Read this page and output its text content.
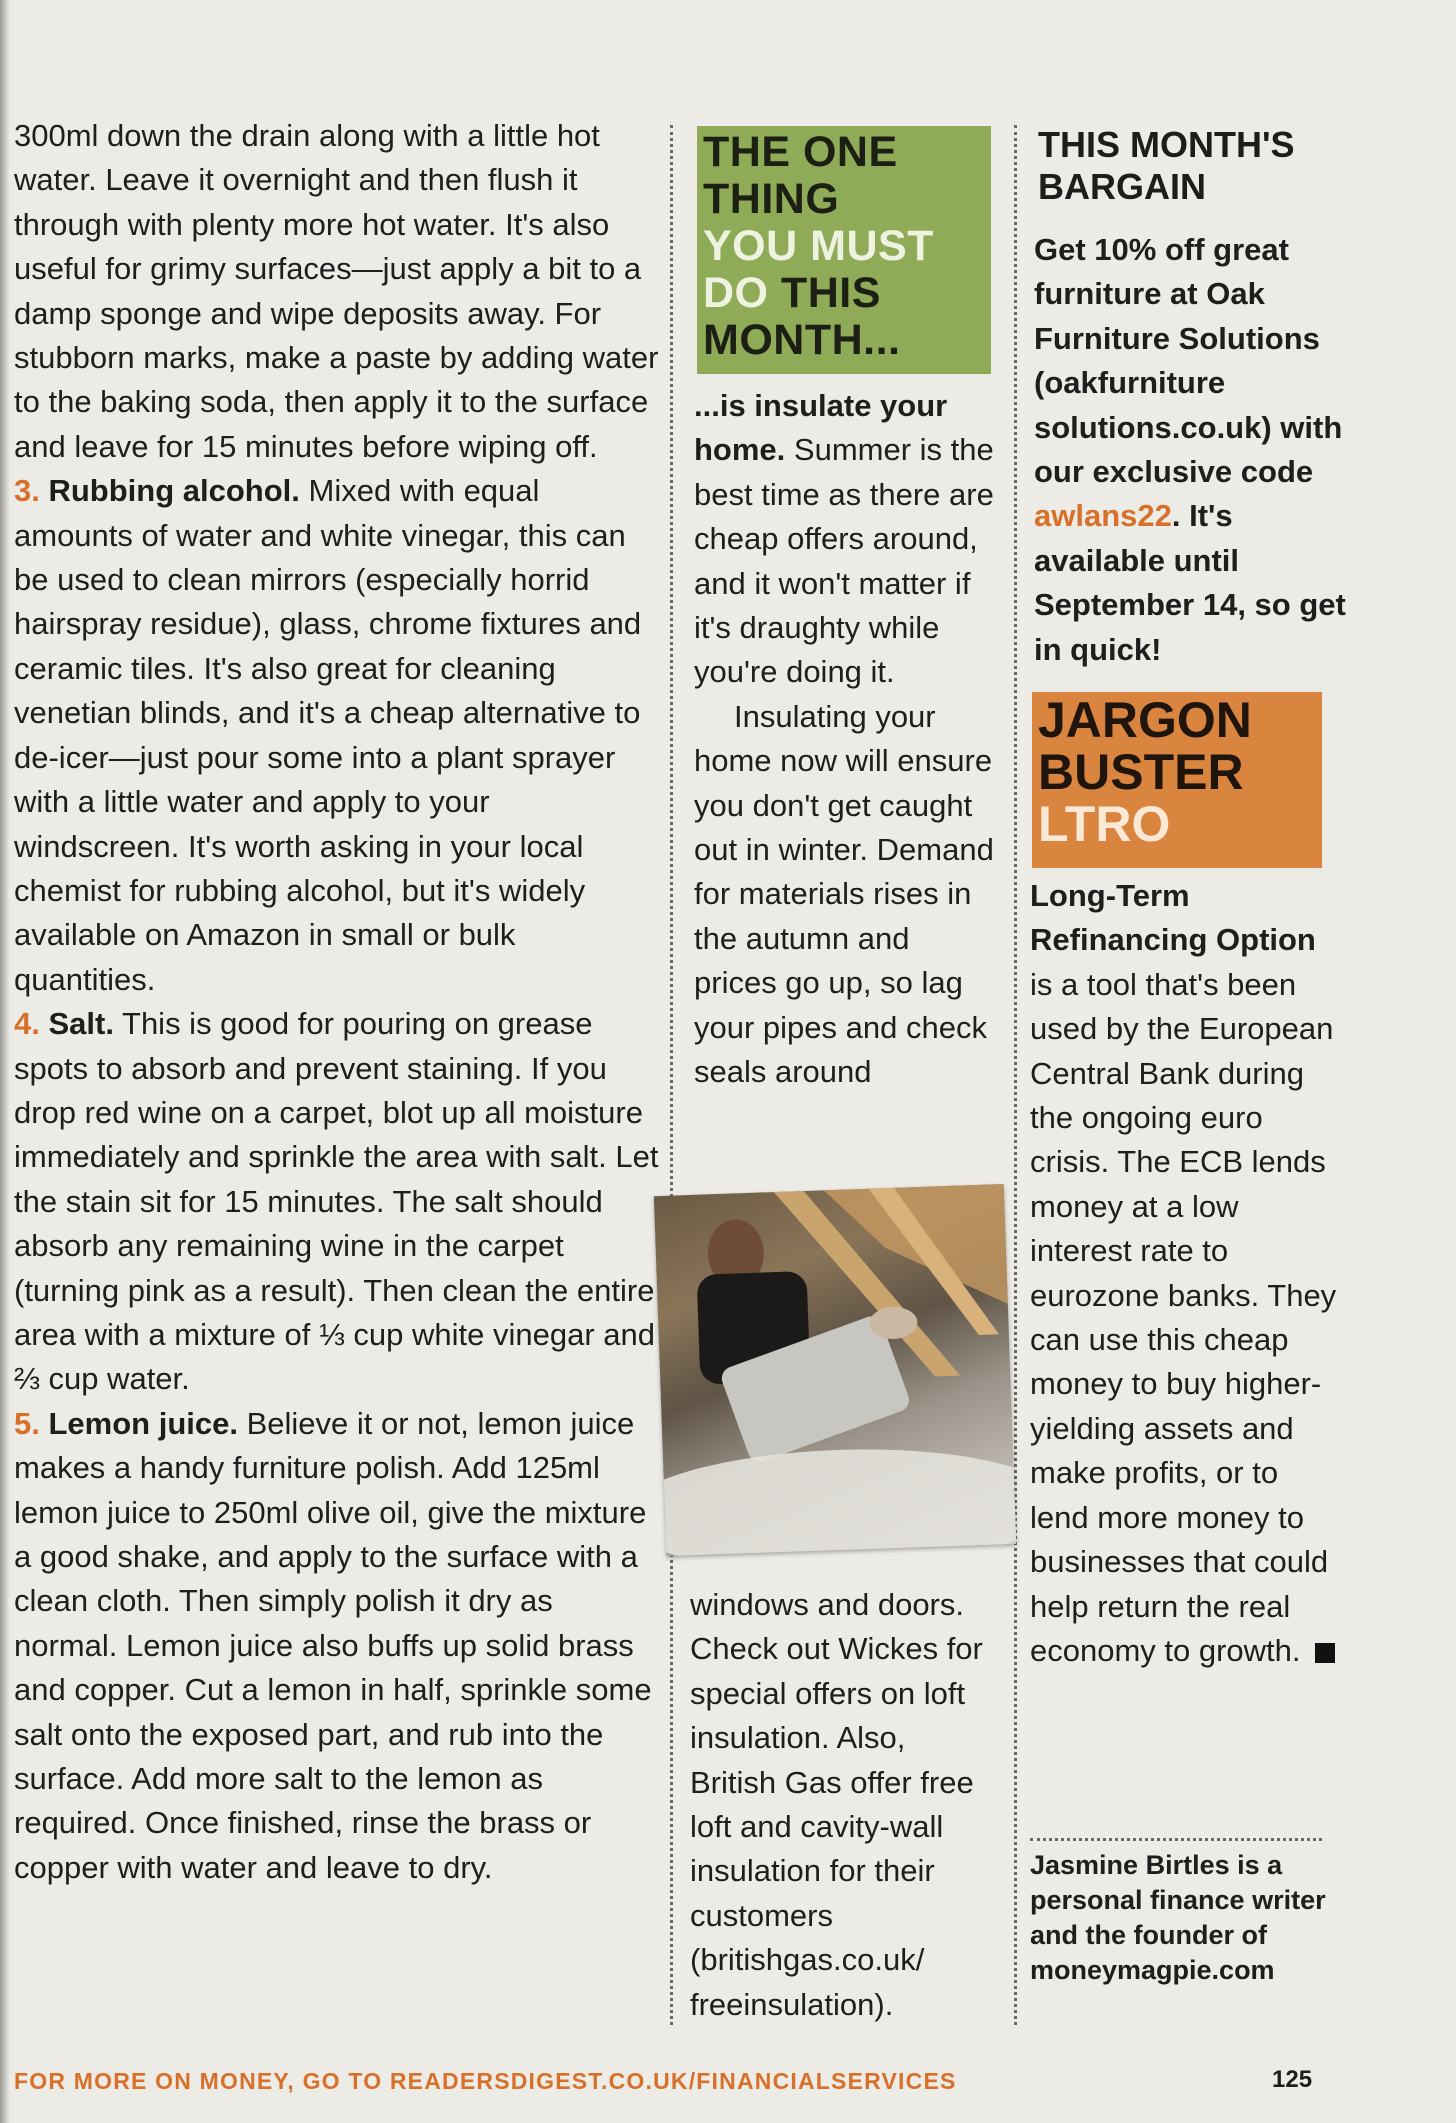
300ml down the drain along with a little hot water. Leave it overnight and then flush it through with plenty more hot water. It's also useful for grimy surfaces—just apply a bit to a damp sponge and wipe deposits away. For stubborn marks, make a paste by adding water to the baking soda, then apply it to the surface and leave for 15 minutes before wiping off.

3. Rubbing alcohol. Mixed with equal amounts of water and white vinegar, this can be used to clean mirrors (especially horrid hairspray residue), glass, chrome fixtures and ceramic tiles. It's also great for cleaning venetian blinds, and it's a cheap alternative to de-icer—just pour some into a plant sprayer with a little water and apply to your windscreen. It's worth asking in your local chemist for rubbing alcohol, but it's widely available on Amazon in small or bulk quantities.

4. Salt. This is good for pouring on grease spots to absorb and prevent staining. If you drop red wine on a carpet, blot up all moisture immediately and sprinkle the area with salt. Let the stain sit for 15 minutes. The salt should absorb any remaining wine in the carpet (turning pink as a result). Then clean the entire area with a mixture of ⅓ cup white vinegar and ⅔ cup water.

5. Lemon juice. Believe it or not, lemon juice makes a handy furniture polish. Add 125ml lemon juice to 250ml olive oil, give the mixture a good shake, and apply to the surface with a clean cloth. Then simply polish it dry as normal. Lemon juice also buffs up solid brass and copper. Cut a lemon in half, sprinkle some salt onto the exposed part, and rub into the surface. Add more salt to the lemon as required. Once finished, rinse the brass or copper with water and leave to dry.

THE ONE
THING
YOU MUST
DO THIS
MONTH...

...is insulate your home. Summer is the best time as there are cheap offers around, and it won't matter if it's draughty while you're doing it.

Insulating your home now will ensure you don't get caught out in winter. Demand for materials rises in the autumn and prices go up, so lag your pipes and check seals around

windows and doors. Check out Wickes for special offers on loft insulation. Also, British Gas offer free loft and cavity-wall insulation for their customers (britishgas.co.uk/ freeinsulation).
THIS MONTH'S BARGAIN
Get 10% off great furniture at Oak Furniture Solutions (oakfurniture solutions.co.uk) with our exclusive code awlans22. It's available until September 14, so get in quick!
JARGON
BUSTER
LTRO
Long-Term Refinancing Option is a tool that's been used by the European Central Bank during the ongoing euro crisis. The ECB lends money at a low interest rate to eurozone banks. They can use this cheap money to buy higher-yielding assets and make profits, or to lend more money to businesses that could help return the real economy to growth.
Jasmine Birtles is a personal finance writer and the founder of moneymagpie.com
FOR MORE ON MONEY, GO TO READERSDIGEST.CO.UK/FINANCIALSERVICES	125
